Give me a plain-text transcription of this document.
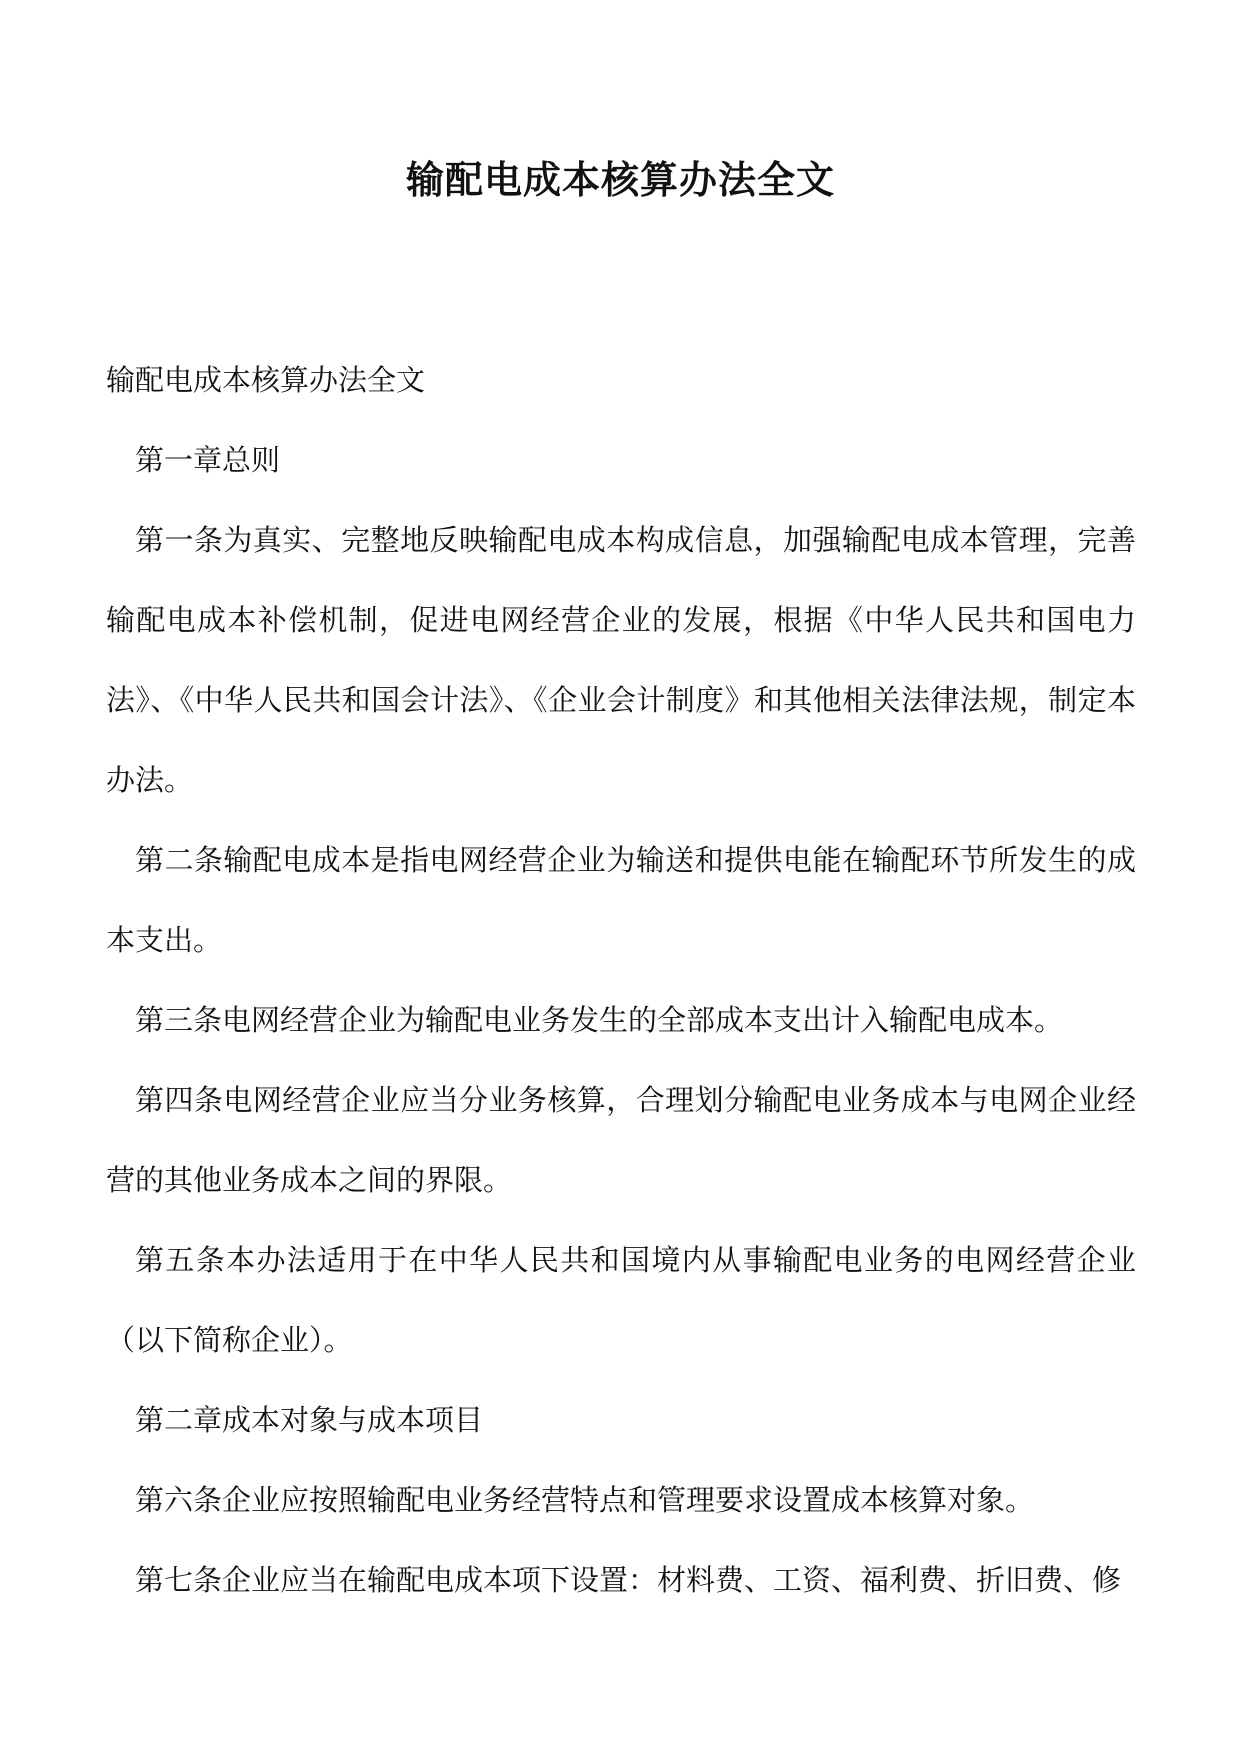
输配电成本核算办法全文

输配电成本核算办法全文

第一章总则

第一条为真实、完整地反映输配电成本构成信息，加强输配电成本管理，完善输配电成本补偿机制，促进电网经营企业的发展，根据《中华人民共和国电力法》、《中华人民共和国会计法》、《企业会计制度》和其他相关法律法规，制定本办法。

第二条输配电成本是指电网经营企业为输送和提供电能在输配环节所发生的成本支出。

第三条电网经营企业为输配电业务发生的全部成本支出计入输配电成本。

第四条电网经营企业应当分业务核算，合理划分输配电业务成本与电网企业经营的其他业务成本之间的界限。

第五条本办法适用于在中华人民共和国境内从事输配电业务的电网经营企业（以下简称企业）。

第二章成本对象与成本项目

第六条企业应按照输配电业务经营特点和管理要求设置成本核算对象。

第七条企业应当在输配电成本项下设置：材料费、工资、福利费、折旧费、修
